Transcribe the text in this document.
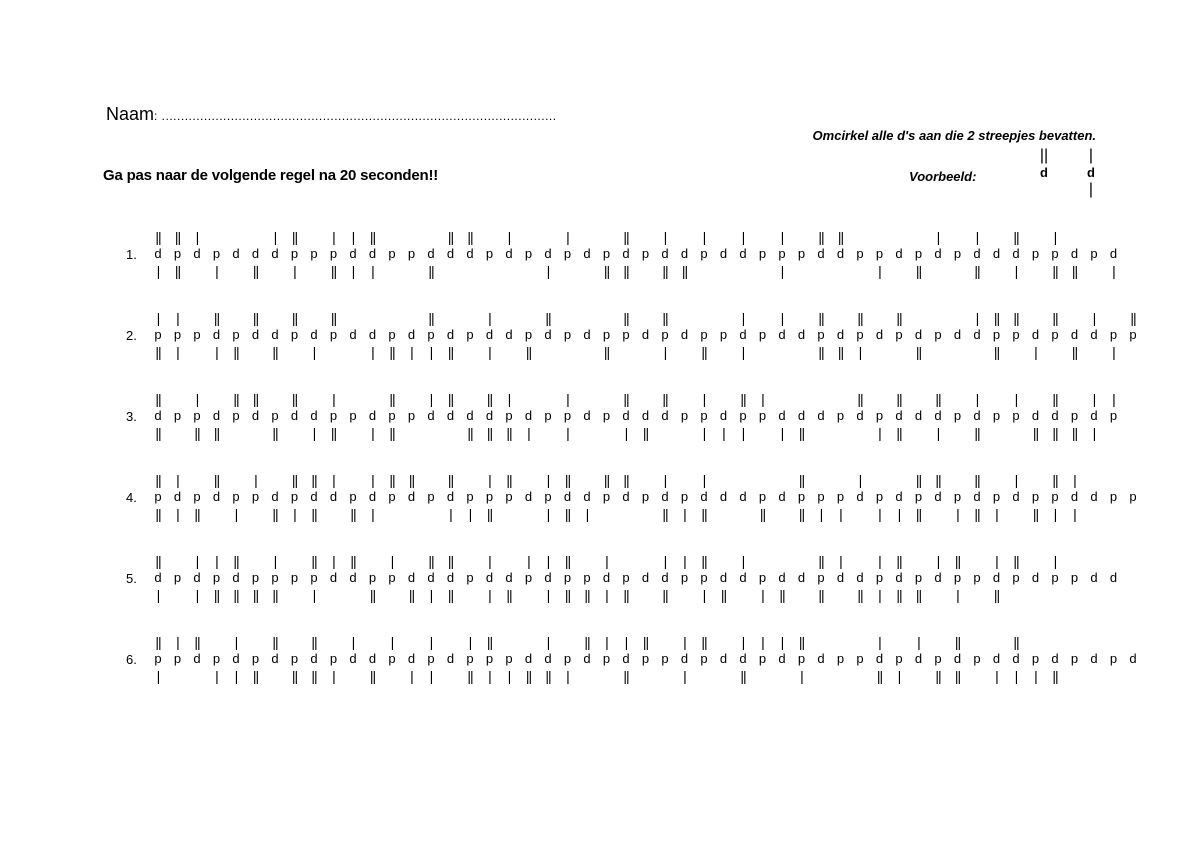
Naam: .......................................................................................................
Omcirkel alle d's aan die 2 streepjes bevatten.
Ga pas naar de volgende regel na 20 seconden!!	Voorbeeld:
||
d
|
d
|
1.
||
d
|
||
p
||
|
d p
|
d d
||
|
d
||
p
|
p
|
p
||
|
d
|
||
d
|
p p d
||
||
d
||
d p
|
d p d
|
|
p d p
||
||
d
||
p
|
d
||
d
||
|
p d
|
d p
|
p
|
p
||
d
||
d p p
|
d p
||
|
d p
|
d
||
d
||
d
|
p
|
p
||
d
||
p d
|
2.
|
p
||
|
p
|
p
||
d
|
p
||
||
d d
||
||
p d
|
||
p d d
|
p
||
d
|
||
p
|
d
||
p
|
d
|
d p
||
||
d p d p
||
||
p d
||
p
|
d p
||
p
|
d
|
p
|
d d
||
p
||
d
||
||
p
|
d
||
p d
||
p d
|
d
||
p
||
||
p d
|
||
p d
||
|
d p
|
||
p
3.
||
d
||
p
|
p
||
d
||
||
p
||
d p
||
||
d d
|
|
p
||
p d
|
||
p
||
p
|
d
||
d d
||
||
d
||
|
p
||
d
|
p
|
p
|
d p
||
d
|
d
||
||
d p
|
p
|
d
|
||
p
|
|
p d
|
d
||
d p
||
d p
|
||
d
||
d
||
d
|
p
|
d
||
p
|
p d
||
||
d
||
p
||
|
d
|
|
p
4.
||
p
||
|
d
|
p
||
||
d p
|
|
p d
||
||
p
|
||
d
||
|
d p
||
|
d
|
||
p
||
d p
||
d
|
p
|
|
p
||
||
p d
|
p
|
||
d
||
d
|
||
p
||
d p
|
d
||
p
|
|
d
||
d d p
||
d
||
p
||
p
|
p
|
|
d p
|
d
|
||
p
||
||
d p
|
||
d
||
p
|
|
d p
||
||
p
|
|
d
|
d p p
5.
||
d
|
p
|
d
|
|
p
||
||
d
||
p
||
|
p
||
p
||
p
|
|
d
||
d p
||
|
p d
||
||
d
|
||
d
||
p
|
d
|
d
||
|
p
|
d
|
||
p
||
p
||
|
d
|
p
||
d
|
d
||
|
p
||
p
|
d
||
|
d p
|
d
||
d
||
p
||
|
d d
||
|
p
|
||
d
||
p
||
|
d
||
p
|
p
|
d
||
||
p d
|
p p d d
6.
||
p
|
|
p
||
d p
|
|
d
|
p
||
||
d p
||
||
d
||
p
|
|
d d
||
|
p d
|
|
p
|
d
|
p
||
||
p
|
p
|
d
||
|
d
||
p
|
||
d
|
p
|
d
||
||
p p
|
d
|
||
p d
|
d
||
|
p
|
d
||
p
|
d p p
|
d
||
p
|
|
d p
||
||
d
||
p d
|
||
d
|
p
|
d
||
p d p d
